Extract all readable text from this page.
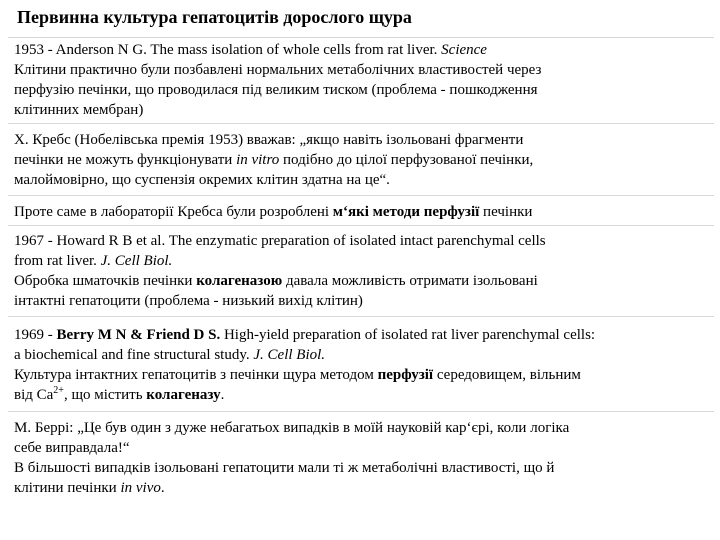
Первинна культура гепатоцитів дорослого щура
1953 - Anderson N G. The mass isolation of whole cells from rat liver. Science
Клітини практично були позбавлені нормальних метаболічних властивостей через
перфузію печінки, що проводилася під великим тиском (проблема - пошкодження
клітинних мембран)
Х. Кребс (Нобелівська премія 1953) вважав: „якщо навіть ізольовані фрагменти
печінки не можуть функціонувати in vitro подібно до цілої перфузованої печінки,
малоймовірно, що суспензія окремих клітин здатна на це“.
Проте саме в лабораторії Кребса були розроблені м‘які методи перфузії печінки
1967 - Howard R B et al. The enzymatic preparation of isolated intact parenchymal cells
from rat liver. J. Cell Biol.
Обробка шматочків печінки колагеназою давала можливість отримати ізольовані
інтактні гепатоцити (проблема - низький вихід клітин)
1969 - Berry M N & Friend D S. High-yield preparation of isolated rat liver parenchymal cells:
a biochemical and fine structural study. J. Cell Biol.
Культура інтактних гепатоцитів з печінки щура методом перфузії середовищем, вільним
від $Са^{2+}$, що містить колагеназу.
М. Беррі: „Це був один з дуже небагатьох випадків в моїй науковій кар‘єрі, коли логіка
себе виправдала!“
В більшості випадків ізольовані гепатоцити мали ті ж метаболічні властивості, що й
клітини печінки in vivo.
